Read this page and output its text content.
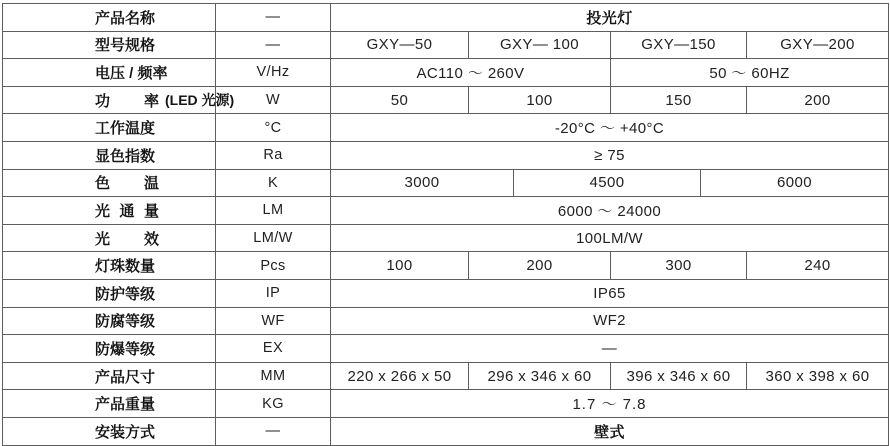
产品名称	—	投光灯
型号规格	—	GXY—50	GXY— 100	GXY—150	GXY—200
电压 / 频率	V/Hz	AC110 ～ 260V	50 ～ 60HZ
功 率 (LED 光源)	W	50	100	150	200
工作温度	°C	-20°C ～ +40°C
显色指数	Ra	≥ 75
色 温	K	3000	4500	6000
光 通 量	LM	6000 ～ 24000
光 效	LM/W	100LM/W
灯珠数量	Pcs	100	200	300	240
防护等级	IP	IP65
防腐等级	WF	WF2
防爆等级	EX	—
产品尺寸	MM	220 x 266 x 50	296 x 346 x 60	396 x 346 x 60	360 x 398 x 60
产品重量	KG	1.7 ～ 7.8
安装方式	—	壁式
